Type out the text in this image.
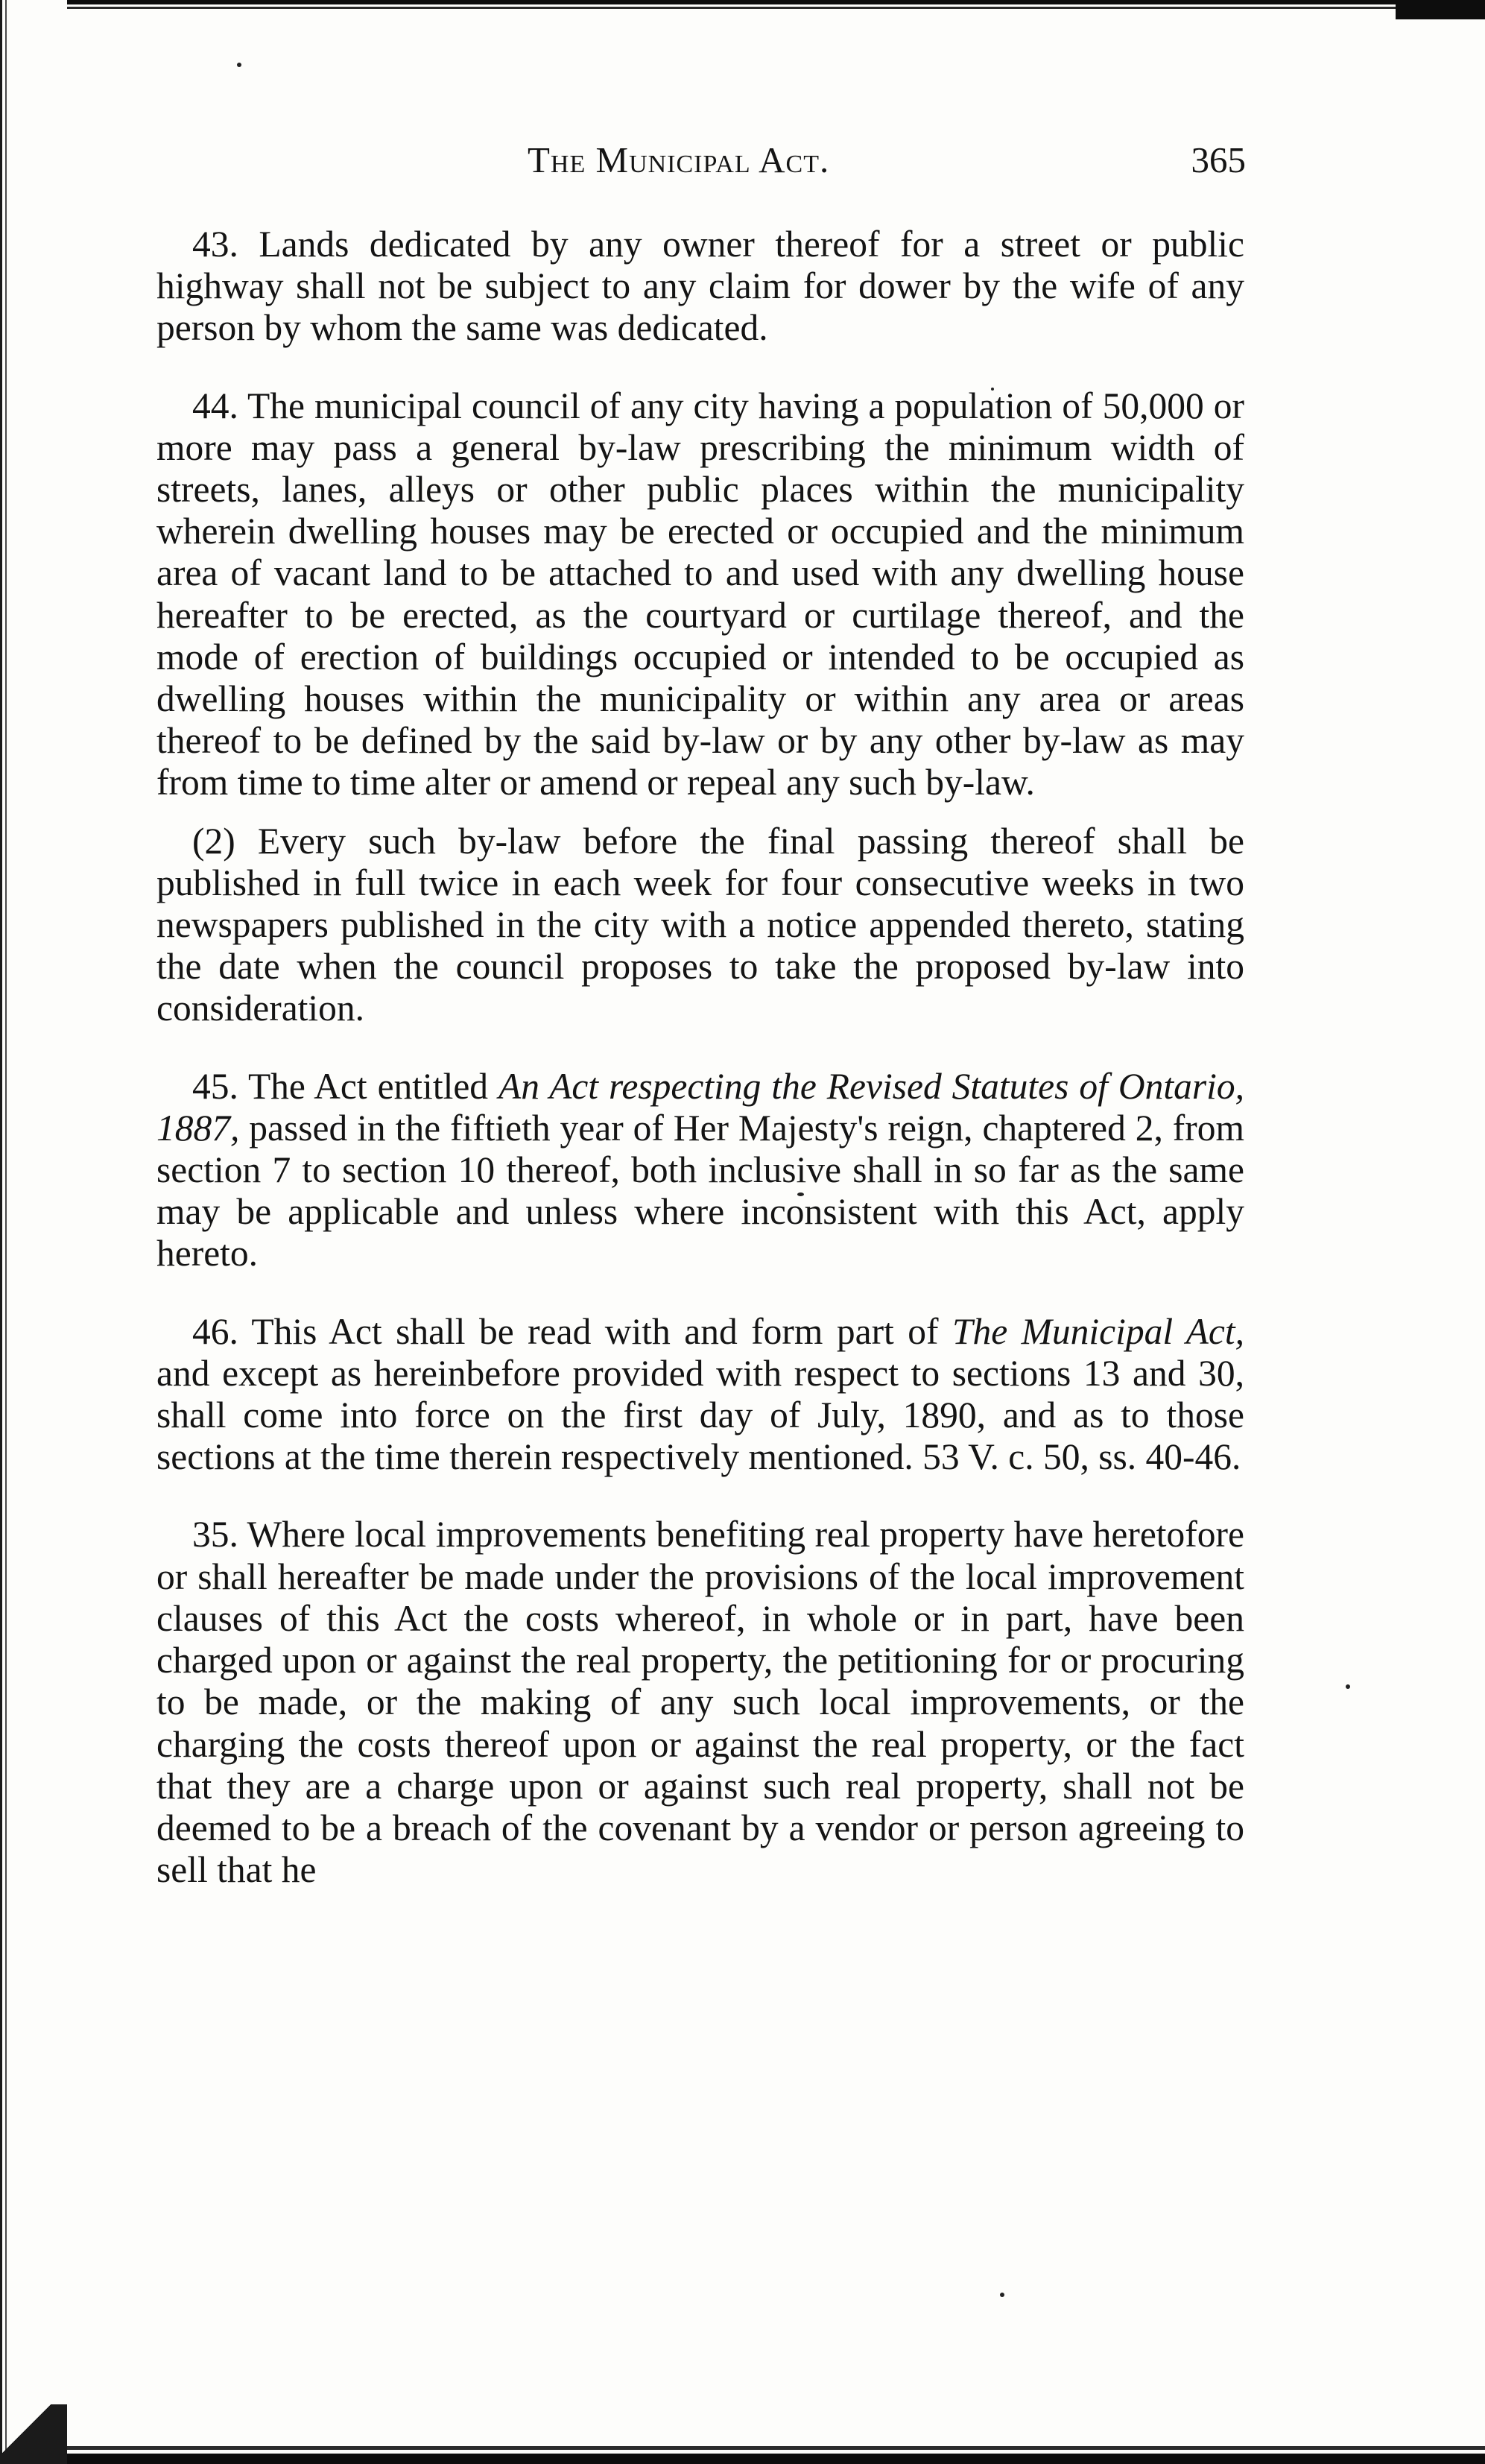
The Municipal Act.	365

43. Lands dedicated by any owner thereof for a street or public highway shall not be subject to any claim for dower by the wife of any person by whom the same was dedicated.

44. The municipal council of any city having a population of 50,000 or more may pass a general by-law prescribing the minimum width of streets, lanes, alleys or other public places within the municipality wherein dwelling houses may be erected or occupied and the minimum area of vacant land to be attached to and used with any dwelling house hereafter to be erected, as the courtyard or curtilage thereof, and the mode of erection of buildings occupied or intended to be occupied as dwelling houses within the municipality or within any area or areas thereof to be defined by the said by-law or by any other by-law as may from time to time alter or amend or repeal any such by-law.

(2) Every such by-law before the final passing thereof shall be published in full twice in each week for four consecutive weeks in two newspapers published in the city with a notice appended thereto, stating the date when the council proposes to take the proposed by-law into consideration.

45. The Act entitled An Act respecting the Revised Statutes of Ontario, 1887, passed in the fiftieth year of Her Majesty's reign, chaptered 2, from section 7 to section 10 thereof, both inclusive shall in so far as the same may be applicable and unless where inconsistent with this Act, apply hereto.

46. This Act shall be read with and form part of The Municipal Act, and except as hereinbefore provided with respect to sections 13 and 30, shall come into force on the first day of July, 1890, and as to those sections at the time therein respectively mentioned. 53 V. c. 50, ss. 40-46.

35. Where local improvements benefiting real property have heretofore or shall hereafter be made under the provisions of the local improvement clauses of this Act the costs whereof, in whole or in part, have been charged upon or against the real property, the petitioning for or procuring to be made, or the making of any such local improvements, or the charging the costs thereof upon or against the real property, or the fact that they are a charge upon or against such real property, shall not be deemed to be a breach of the covenant by a vendor or person agreeing to sell that he
